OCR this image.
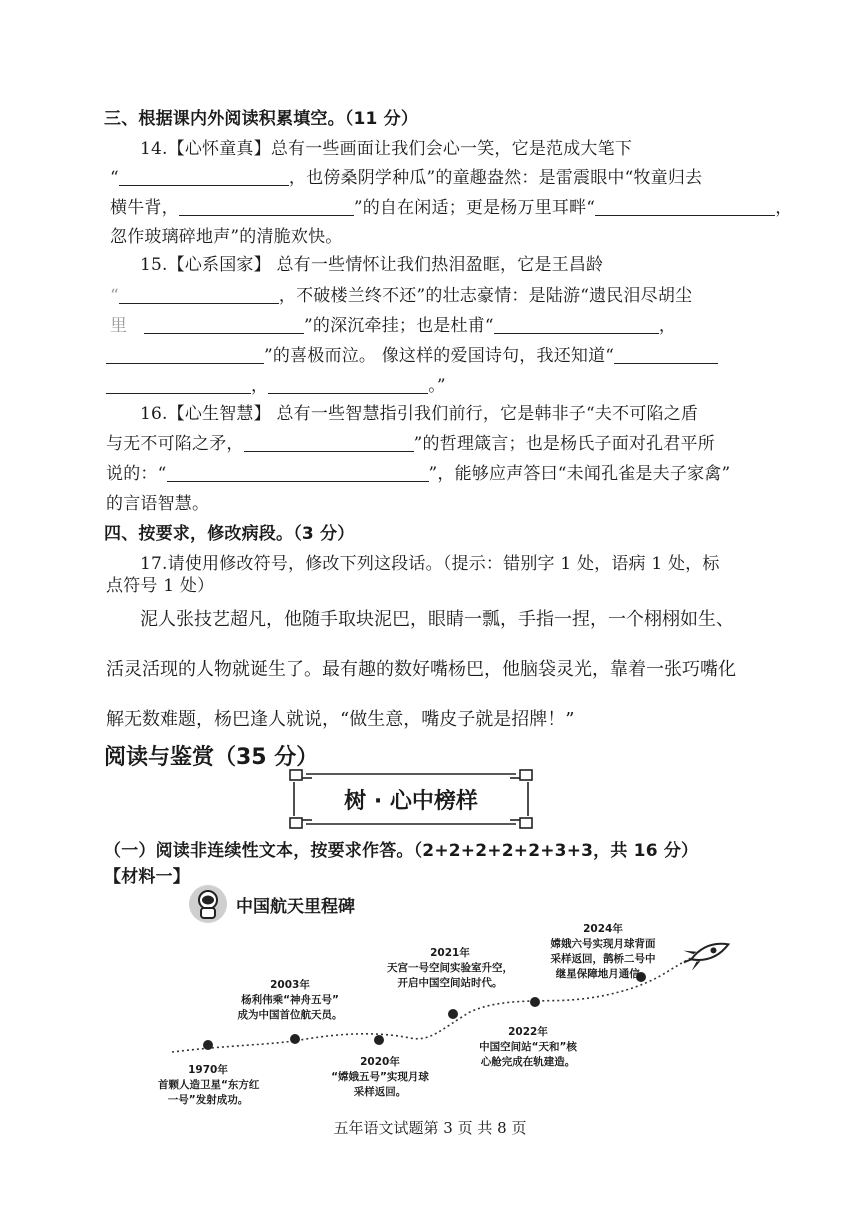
三、根据课内外阅读积累填空。（11 分）
14.【心怀童真】总有一些画面让我们会心一笑，它是范成大笔下
“	，也傍桑阴学种瓜”的童趣盎然：是雷震眼中“牧童归去
横牛背，	”的自在闲适；更是杨万里耳畔“	，
忽作玻璃碎地声”的清脆欢快。
15.【心系国家】 总有一些情怀让我们热泪盈眶，它是王昌龄
“	，不破楼兰终不还”的壮志豪情：是陆游“遗民泪尽胡尘
里	”的深沉牵挂；也是杜甫“	，
”的喜极而泣。 像这样的爱国诗句，我还知道“
，	。”
16.【心生智慧】 总有一些智慧指引我们前行，它是韩非子“夫不可陷之盾
与无不可陷之矛，	”的哲理箴言；也是杨氏子面对孔君平所
说的：“	”，能够应声答曰“未闻孔雀是夫子家禽”
的言语智慧。
四、按要求，修改病段。（3 分）
17.请使用修改符号，修改下列这段话。（提示：错别字 1 处，语病 1 处，标
点符号 1 处）
泥人张技艺超凡，他随手取块泥巴，眼睛一瓢，手指一捏，一个栩栩如生、
活灵活现的人物就诞生了。最有趣的数好嘴杨巴，他脑袋灵光，靠着一张巧嘴化
解无数难题，杨巴逢人就说，“做生意，嘴皮子就是招牌！”
阅读与鉴赏（35 分）
树 · 心中榜样
（一）阅读非连续性文本，按要求作答。（2+2+2+2+2+3+3，共 16 分）
【材料一】
中国航天里程碑
1970年
首颗人造卫星“东方红
一号”发射成功。
2003年
杨利伟乘“神舟五号”
成为中国首位航天员。
2020年
“嫦娥五号”实现月球
采样返回。
2021年
天宫一号空间实验室升空，
开启中国空间站时代。
2022年
中国空间站“天和”核
心舱完成在轨建造。
2024年
嫦娥六号实现月球背面
采样返回，鹊桥二号中
继星保障地月通信。
五年语文试题第 3 页 共 8 页
